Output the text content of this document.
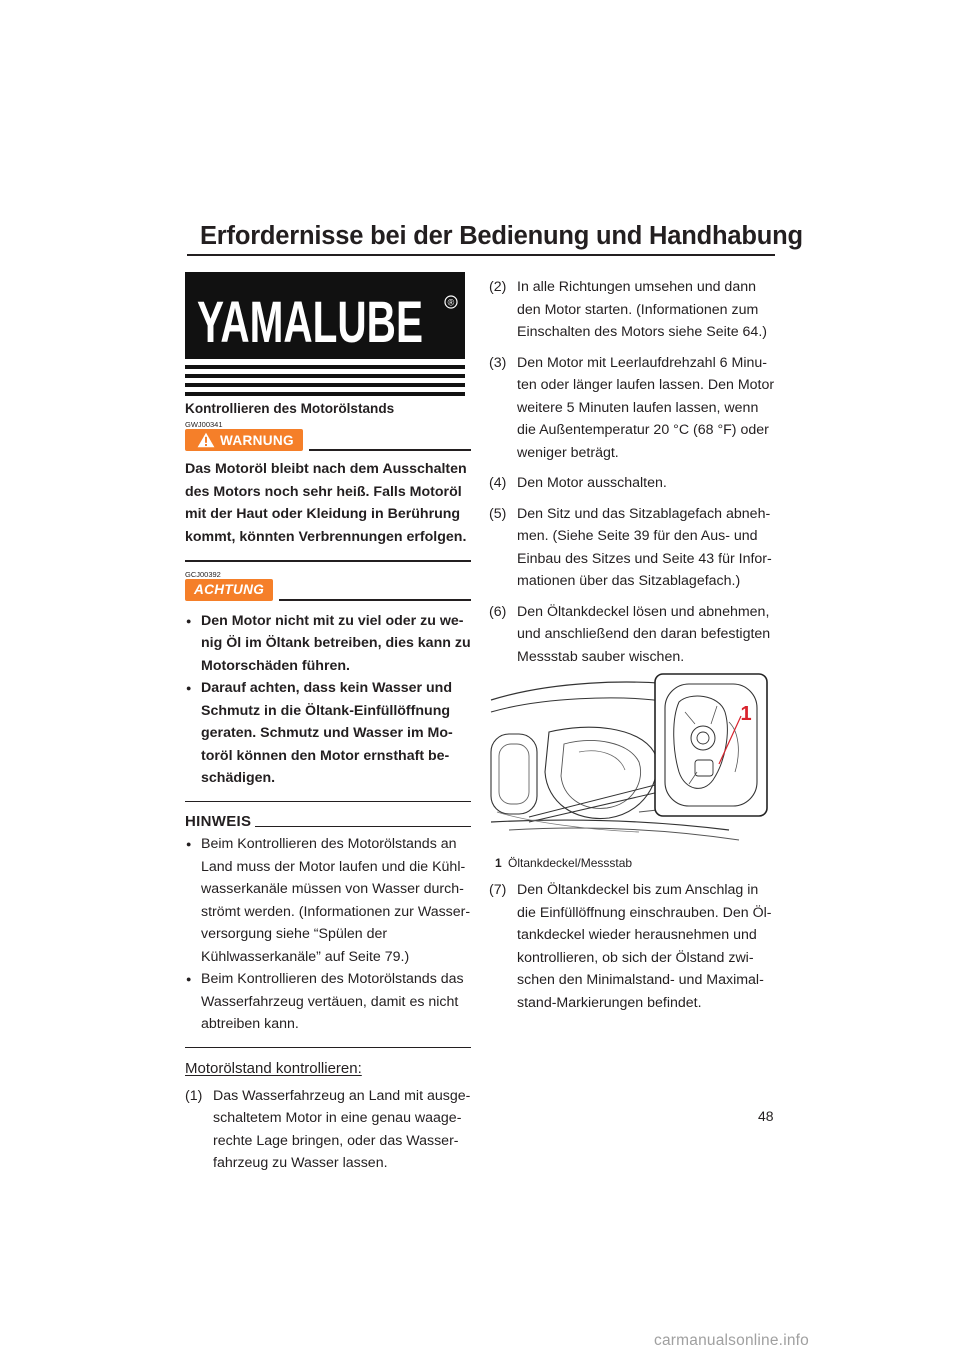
Erfordernisse bei der Bedienung und Handhabung
YAMALUBE	®
Kontrollieren des Motorölstands
GWJ00341
WARNUNG
Das Motoröl bleibt nach dem Ausschalten des Motors noch sehr heiß. Falls Motoröl mit der Haut oder Kleidung in Berührung kommt, könnten Verbrennungen erfolgen.
GCJ00392
ACHTUNG
● Den Motor nicht mit zu viel oder zu we-nig Öl im Öltank betreiben, dies kann zu Motorschäden führen.
● Darauf achten, dass kein Wasser und Schmutz in die Öltank-Einfüllöffnung geraten. Schmutz und Wasser im Mo-toröl können den Motor ernsthaft be-schädigen.
HINWEIS
● Beim Kontrollieren des Motorölstands an Land muss der Motor laufen und die Kühl-wasserkanäle müssen von Wasser durch-strömt werden. (Informationen zur Wasser-versorgung siehe “Spülen der Kühlwasserkanäle” auf Seite 79.)
● Beim Kontrollieren des Motorölstands das Wasserfahrzeug vertäuen, damit es nicht abtreiben kann.
Motorölstand kontrollieren:
(1) Das Wasserfahrzeug an Land mit ausge-schaltetem Motor in eine genau waage-rechte Lage bringen, oder das Wasser-fahrzeug zu Wasser lassen.
(2) In alle Richtungen umsehen und dann den Motor starten. (Informationen zum Einschalten des Motors siehe Seite 64.)
(3) Den Motor mit Leerlaufdrehzahl 6 Minu-ten oder länger laufen lassen. Den Motor weitere 5 Minuten laufen lassen, wenn die Außentemperatur 20 °C (68 °F) oder weniger beträgt.
(4) Den Motor ausschalten.
(5) Den Sitz und das Sitzablagefach abneh-men. (Siehe Seite 39 für den Aus- und Einbau des Sitzes und Seite 43 für Infor-mationen über das Sitzablagefach.)
(6) Den Öltankdeckel lösen und abnehmen, und anschließend den daran befestigten Messstab sauber wischen.
1
1 Öltankdeckel/Messstab
(7) Den Öltankdeckel bis zum Anschlag in die Einfüllöffnung einschrauben. Den Öl-tankdeckel wieder herausnehmen und kontrollieren, ob sich der Ölstand zwi-schen den Minimalstand- und Maximal-stand-Markierungen befindet.
48
carmanualsonline.info
